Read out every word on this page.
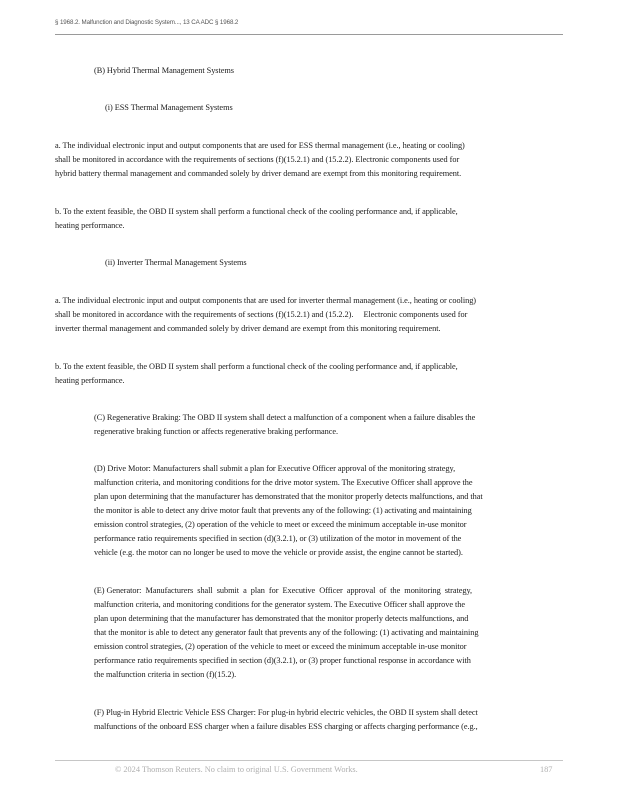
§ 1968.2. Malfunction and Diagnostic System..., 13 CA ADC § 1968.2
(B) Hybrid Thermal Management Systems
(i) ESS Thermal Management Systems
a. The individual electronic input and output components that are used for ESS thermal management (i.e., heating or cooling)
shall be monitored in accordance with the requirements of sections (f)(15.2.1) and (15.2.2). Electronic components used for
hybrid battery thermal management and commanded solely by driver demand are exempt from this monitoring requirement.
b. To the extent feasible, the OBD II system shall perform a functional check of the cooling performance and, if applicable,
heating performance.
(ii) Inverter Thermal Management Systems
a. The individual electronic input and output components that are used for inverter thermal management (i.e., heating or cooling)
shall be monitored in accordance with the requirements of sections (f)(15.2.1) and (15.2.2).     Electronic components used for
inverter thermal management and commanded solely by driver demand are exempt from this monitoring requirement.
b. To the extent feasible, the OBD II system shall perform a functional check of the cooling performance and, if applicable,
heating performance.
(C) Regenerative Braking: The OBD II system shall detect a malfunction of a component when a failure disables the
regenerative braking function or affects regenerative braking performance.
(D) Drive Motor: Manufacturers shall submit a plan for Executive Officer approval of the monitoring strategy,
malfunction criteria, and monitoring conditions for the drive motor system. The Executive Officer shall approve the
plan upon determining that the manufacturer has demonstrated that the monitor properly detects malfunctions, and that
the monitor is able to detect any drive motor fault that prevents any of the following: (1) activating and maintaining
emission control strategies, (2) operation of the vehicle to meet or exceed the minimum acceptable in-use monitor
performance ratio requirements specified in section (d)(3.2.1), or (3) utilization of the motor in movement of the
vehicle (e.g. the motor can no longer be used to move the vehicle or provide assist, the engine cannot be started).
(E) Generator:  Manufacturers  shall  submit  a  plan  for  Executive  Officer  approval  of  the  monitoring  strategy,
malfunction criteria, and monitoring conditions for the generator system. The Executive Officer shall approve the
plan upon determining that the manufacturer has demonstrated that the monitor properly detects malfunctions, and
that the monitor is able to detect any generator fault that prevents any of the following: (1) activating and maintaining
emission control strategies, (2) operation of the vehicle to meet or exceed the minimum acceptable in-use monitor
performance ratio requirements specified in section (d)(3.2.1), or (3) proper functional response in accordance with
the malfunction criteria in section (f)(15.2).
(F) Plug-in Hybrid Electric Vehicle ESS Charger: For plug-in hybrid electric vehicles, the OBD II system shall detect
malfunctions of the onboard ESS charger when a failure disables ESS charging or affects charging performance (e.g.,
© 2024 Thomson Reuters. No claim to original U.S. Government Works.	187
